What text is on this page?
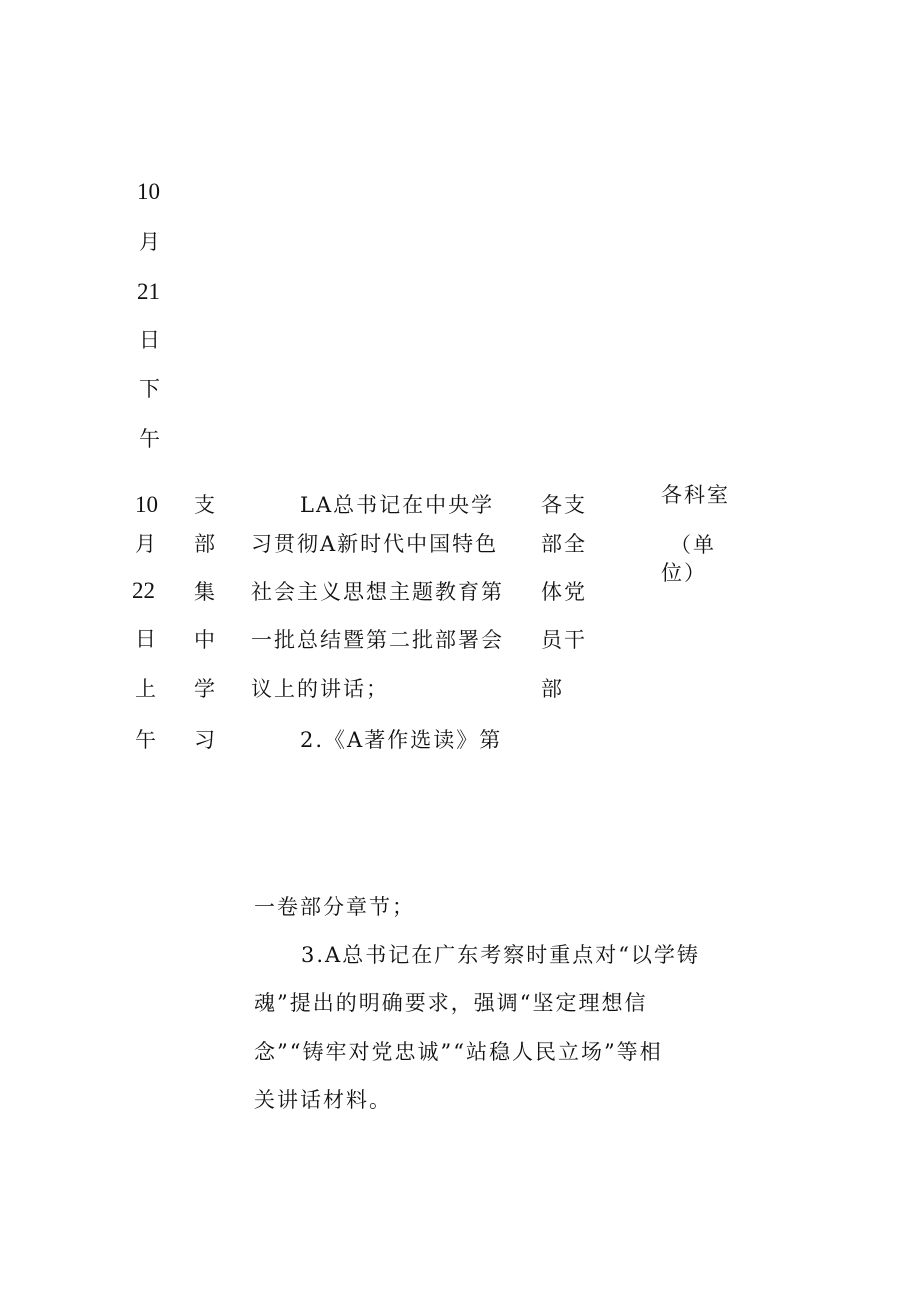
10
月
21
日
下
午
10
月
22
日
上
午
支
部
集
中
学
习
LA总书记在中央学
习贯彻A新时代中国特色
社会主义思想主题教育第
一批总结暨第二批部署会
议上的讲话；
2.《A著作选读》第
各支
部全
体党
员干
部
各科室
（单
位）
一卷部分章节；
3.A总书记在广东考察时重点对“以学铸
魂”提出的明确要求，强调“坚定理想信
念”“铸牢对党忠诚”“站稳人民立场”等相
关讲话材料。
